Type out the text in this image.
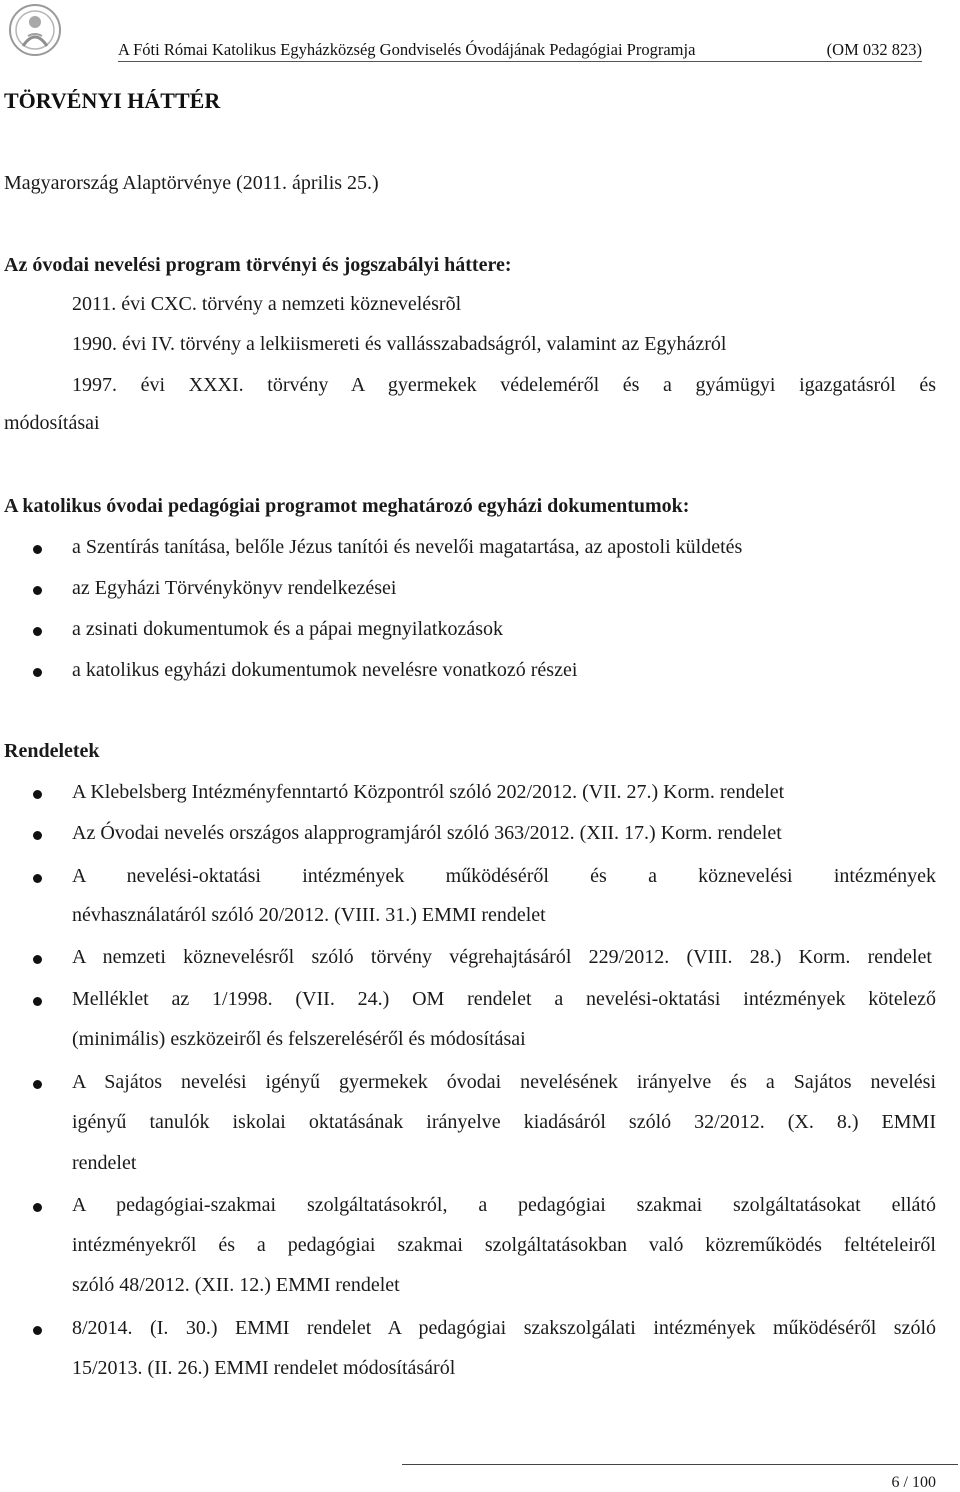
A Fóti Római Katolikus Egyházközség Gondviselés Óvodájának Pedagógiai Programja	(OM 032 823)
TÖRVÉNYI HÁTTÉR
Magyarország Alaptörvénye (2011. április 25.)
Az óvodai nevelési program törvényi és jogszabályi háttere:
2011. évi CXC. törvény a nemzeti köznevelésrõl
1990. évi IV. törvény a lelkiismereti és vallásszabadságról, valamint az Egyházról
1997. évi XXXI. törvény A gyermekek védeleméről és a gyámügyi igazgatásról és
módosításai
A katolikus óvodai pedagógiai programot meghatározó egyházi dokumentumok:
a Szentírás tanítása, belőle Jézus tanítói és nevelői magatartása, az apostoli küldetés
az Egyházi Törvénykönyv rendelkezései
a zsinati dokumentumok és a pápai megnyilatkozások
a katolikus egyházi dokumentumok nevelésre vonatkozó részei
Rendeletek
A Klebelsberg Intézményfenntartó Központról szóló 202/2012. (VII. 27.) Korm. rendelet
Az Óvodai nevelés országos alapprogramjáról szóló 363/2012. (XII. 17.) Korm. rendelet
A nevelési-oktatási intézmények működéséről és a köznevelési intézmények
névhasználatáról szóló 20/2012. (VIII. 31.) EMMI rendelet
A nemzeti köznevelésről szóló törvény végrehajtásáról 229/2012. (VIII. 28.) Korm. rendelet
Melléklet az 1/1998. (VII. 24.) OM rendelet a nevelési-oktatási intézmények kötelező
(minimális) eszközeiről és felszereléséről és módosításai
A Sajátos nevelési igényű gyermekek óvodai nevelésének irányelve és a Sajátos nevelési
igényű tanulók iskolai oktatásának irányelve kiadásáról szóló 32/2012. (X. 8.) EMMI
rendelet
A pedagógiai-szakmai szolgáltatásokról, a pedagógiai szakmai szolgáltatásokat ellátó
intézményekről és a pedagógiai szakmai szolgáltatásokban való közreműködés feltételeiről
szóló 48/2012. (XII. 12.) EMMI rendelet
8/2014. (I. 30.) EMMI rendelet A pedagógiai szakszolgálati intézmények működéséről szóló
15/2013. (II. 26.) EMMI rendelet módosításáról
6 / 100
